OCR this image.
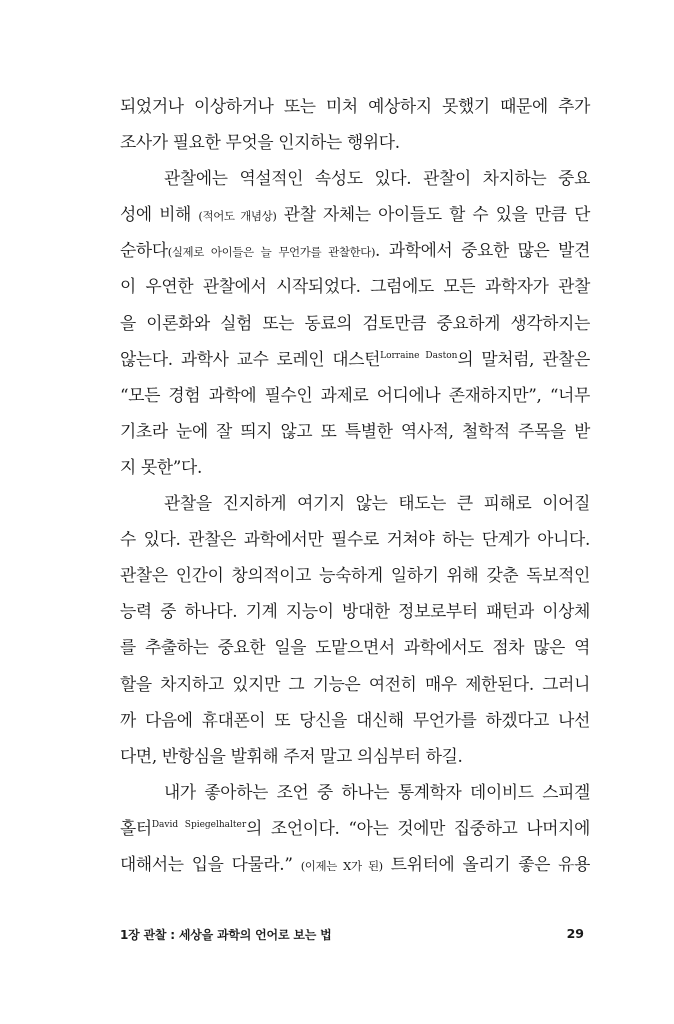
되었거나 이상하거나 또는 미처 예상하지 못했기 때문에 추가
조사가 필요한 무엇을 인지하는 행위다.
관찰에는 역설적인 속성도 있다. 관찰이 차지하는 중요
성에 비해 (적어도 개념상) 관찰 자체는 아이들도 할 수 있을 만큼 단
순하다(실제로 아이들은 늘 무언가를 관찰한다). 과학에서 중요한 많은 발견
이 우연한 관찰에서 시작되었다. 그럼에도 모든 과학자가 관찰
을 이론화와 실험 또는 동료의 검토만큼 중요하게 생각하지는
않는다. 과학사 교수 로레인 대스턴$^{Lorraine Daston}$의 말처럼, 관찰은
“모든 경험 과학에 필수인 과제로 어디에나 존재하지만”, “너무
기초라 눈에 잘 띄지 않고 또 특별한 역사적, 철학적 주목을 받
지 못한”다.
관찰을 진지하게 여기지 않는 태도는 큰 피해로 이어질
수 있다. 관찰은 과학에서만 필수로 거쳐야 하는 단계가 아니다.
관찰은 인간이 창의적이고 능숙하게 일하기 위해 갖춘 독보적인
능력 중 하나다. 기계 지능이 방대한 정보로부터 패턴과 이상체
를 추출하는 중요한 일을 도맡으면서 과학에서도 점차 많은 역
할을 차지하고 있지만 그 기능은 여전히 매우 제한된다. 그러니
까 다음에 휴대폰이 또 당신을 대신해 무언가를 하겠다고 나선
다면, 반항심을 발휘해 주저 말고 의심부터 하길.
내가 좋아하는 조언 중 하나는 통계학자 데이비드 스피겔
홀터$^{David Spiegelhalter}$의 조언이다. “아는 것에만 집중하고 나머지에
대해서는 입을 다물라.” (이제는 X가 된) 트위터에 올리기 좋은 유용
1장 관찰 : 세상을 과학의 언어로 보는 법	29
